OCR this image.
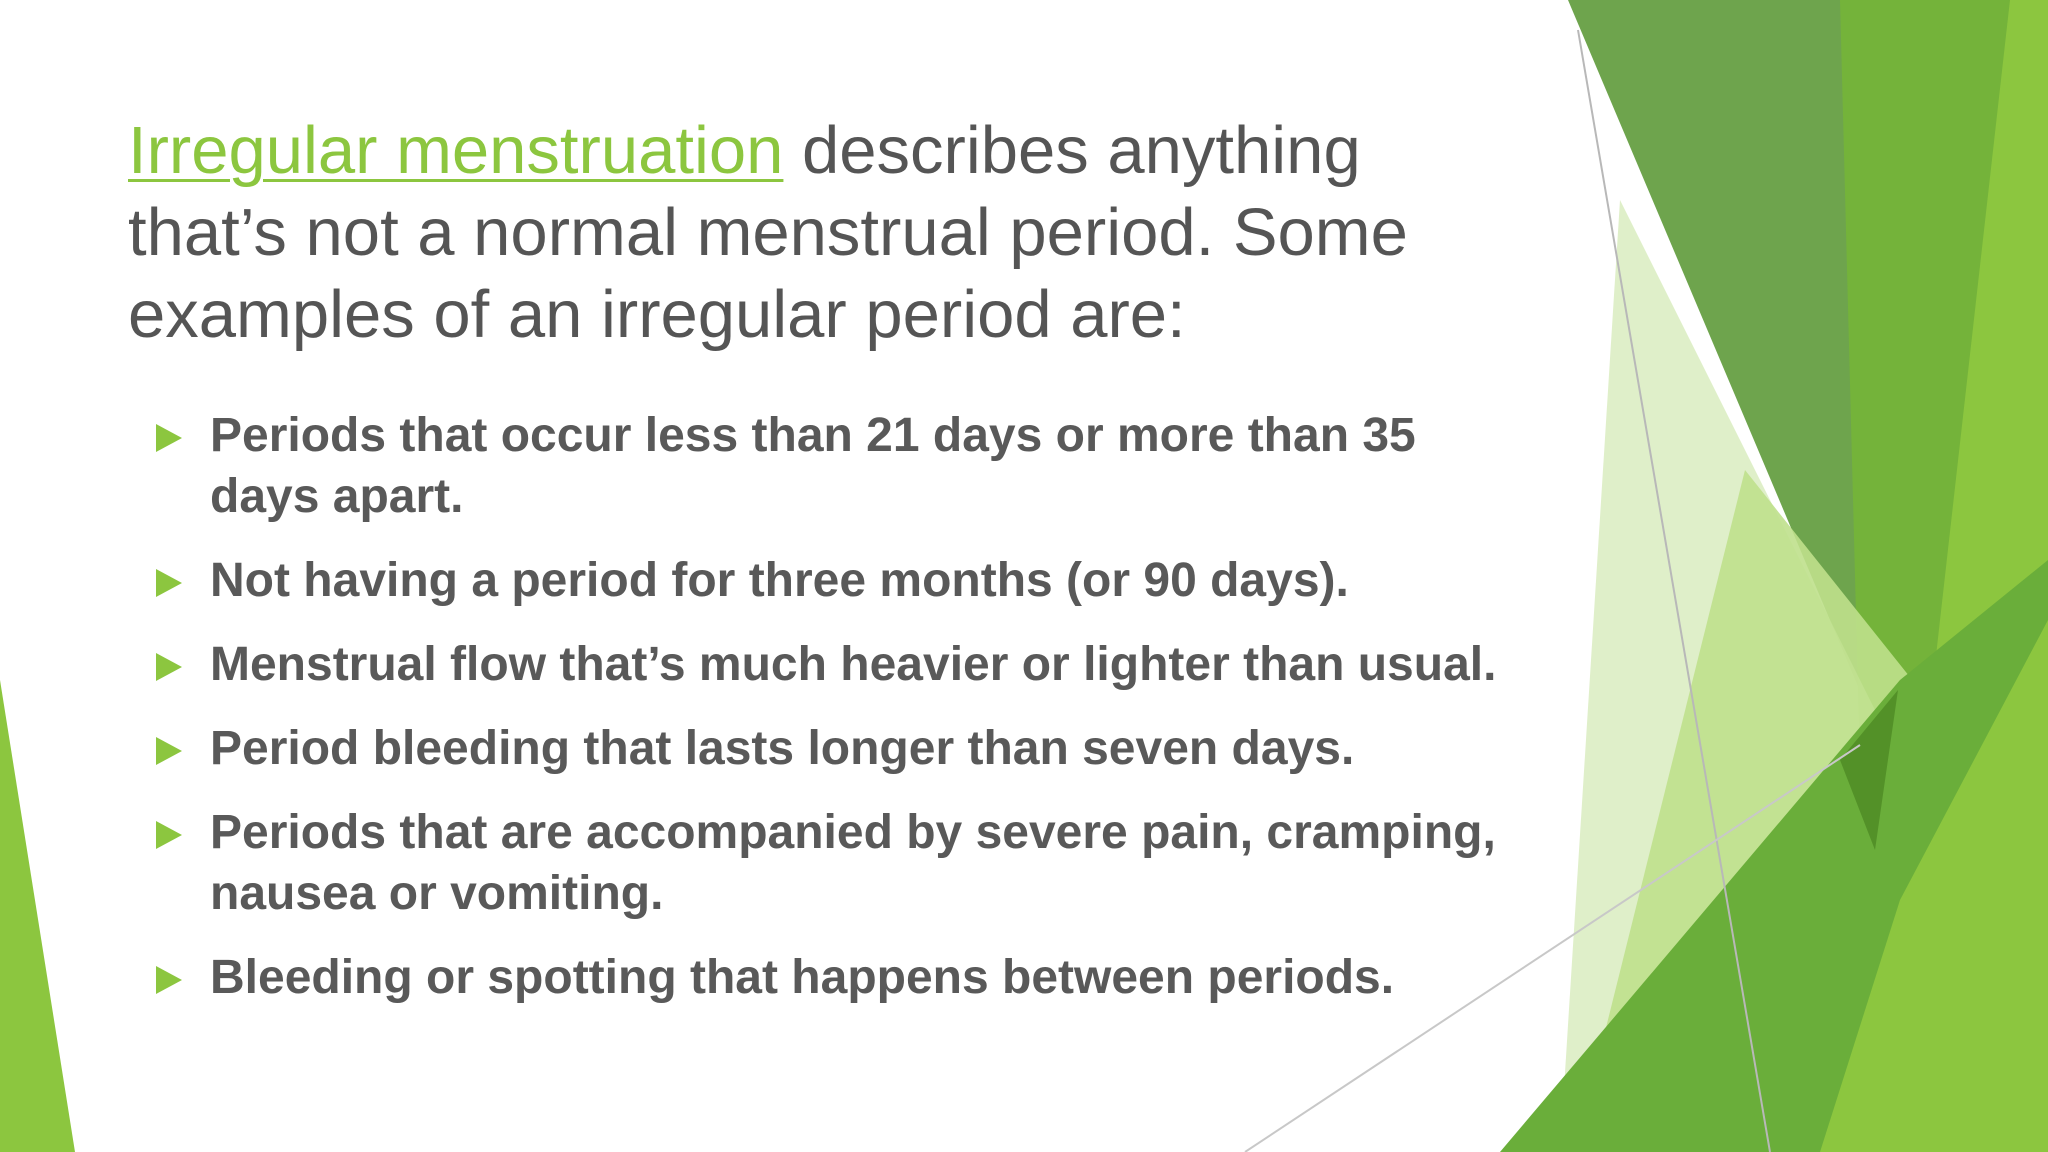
Irregular menstruation describes anything that’s not a normal menstrual period. Some examples of an irregular period are:

Periods that occur less than 21 days or more than 35 days apart.
Not having a period for three months (or 90 days).
Menstrual flow that’s much heavier or lighter than usual.
Period bleeding that lasts longer than seven days.
Periods that are accompanied by severe pain, cramping, nausea or vomiting.
Bleeding or spotting that happens between periods.
